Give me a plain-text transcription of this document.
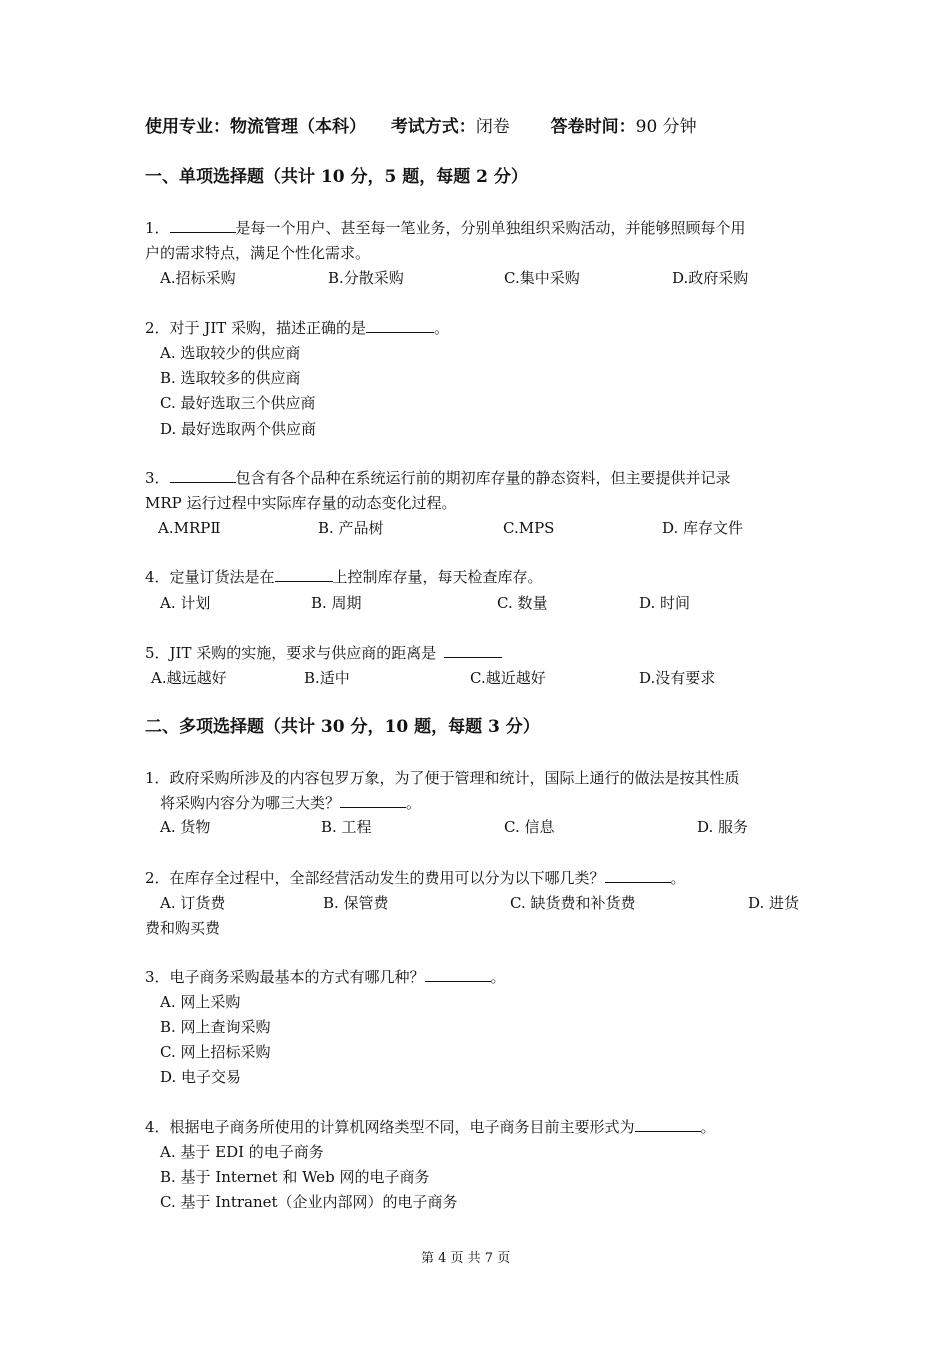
使用专业：物流管理（本科） 考试方式：闭卷 答卷时间：90 分钟
一、单项选择题（共计 10 分，5 题，每题 2 分）
1．	是每一个用户、甚至每一笔业务，分别单独组织采购活动，并能够照顾每个用
户的需求特点，满足个性化需求。
A.招标采购	B.分散采购	C.集中采购	D.政府采购
2．对于 JIT 采购，描述正确的是	。
A. 选取较少的供应商
B. 选取较多的供应商
C. 最好选取三个供应商
D. 最好选取两个供应商
3．	包含有各个品种在系统运行前的期初库存量的静态资料，但主要提供并记录
MRP 运行过程中实际库存量的动态变化过程。
A.MRPⅡ	B. 产品树	C.MPS	D. 库存文件
4．定量订货法是在	上控制库存量，每天检查库存。
A. 计划	B. 周期	C. 数量	D. 时间
5．JIT 采购的实施，要求与供应商的距离是
A.越远越好	B.适中	C.越近越好	D.没有要求
二、多项选择题（共计 30 分，10 题，每题 3 分）
1．政府采购所涉及的内容包罗万象，为了便于管理和统计，国际上通行的做法是按其性质
将采购内容分为哪三大类？	。
A. 货物	B. 工程	C. 信息	D. 服务
2．在库存全过程中，全部经营活动发生的费用可以分为以下哪几类？	。
A. 订货费	B. 保管费	C. 缺货费和补货费	D. 进货
费和购买费
3．电子商务采购最基本的方式有哪几种？	。
A. 网上采购
B. 网上查询采购
C. 网上招标采购
D. 电子交易
4．根据电子商务所使用的计算机网络类型不同，电子商务目前主要形式为	。
A. 基于 EDI 的电子商务
B. 基于 Internet 和 Web 网的电子商务
C. 基于 Intranet（企业内部网）的电子商务
第 4 页 共 7 页
